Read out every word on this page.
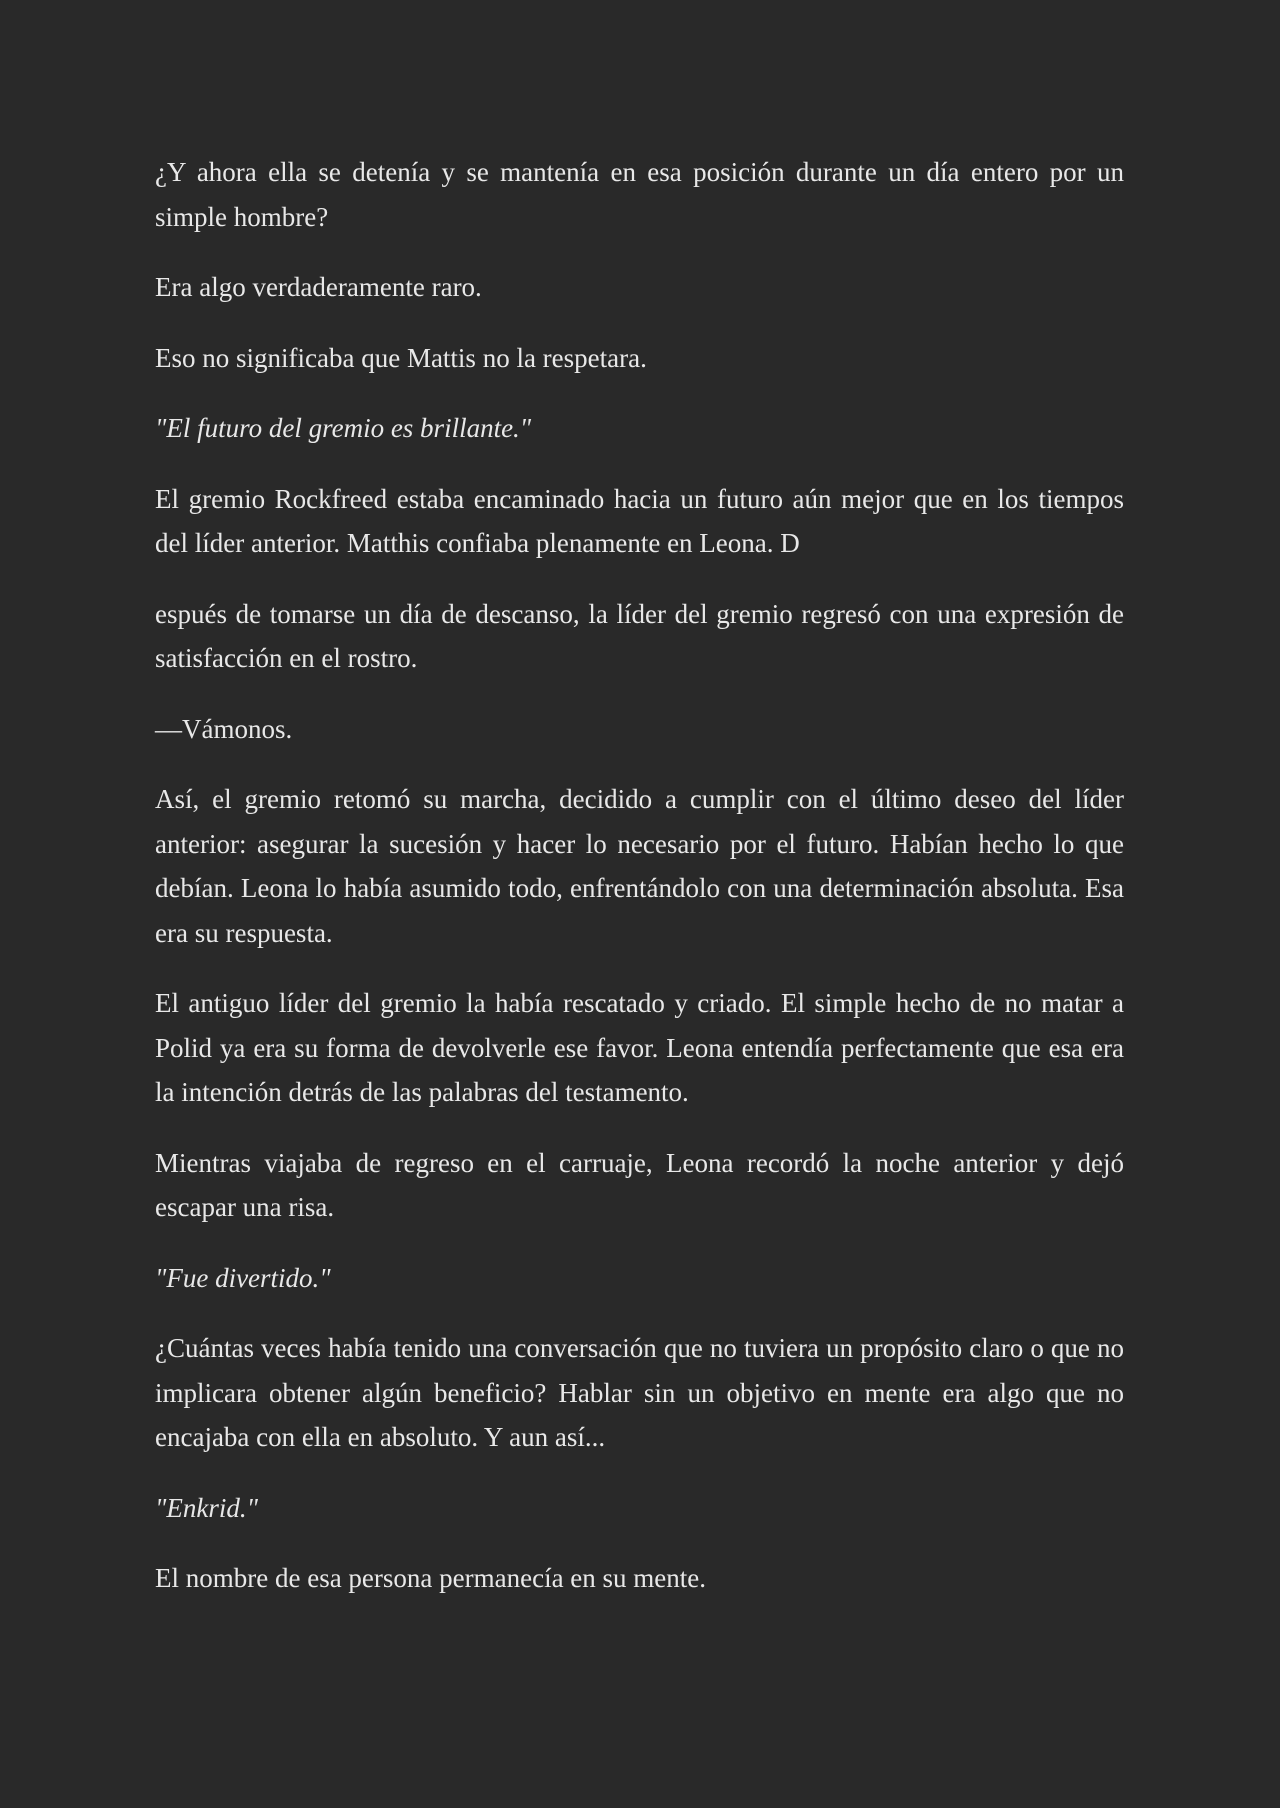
¿Y ahora ella se detenía y se mantenía en esa posición durante un día entero por un simple hombre?

Era algo verdaderamente raro.

Eso no significaba que Mattis no la respetara.

"El futuro del gremio es brillante."

El gremio Rockfreed estaba encaminado hacia un futuro aún mejor que en los tiempos del líder anterior. Matthis confiaba plenamente en Leona. D

espués de tomarse un día de descanso, la líder del gremio regresó con una expresión de satisfacción en el rostro.

—Vámonos.

Así, el gremio retomó su marcha, decidido a cumplir con el último deseo del líder anterior: asegurar la sucesión y hacer lo necesario por el futuro. Habían hecho lo que debían. Leona lo había asumido todo, enfrentándolo con una determinación absoluta. Esa era su respuesta.

El antiguo líder del gremio la había rescatado y criado. El simple hecho de no matar a Polid ya era su forma de devolverle ese favor. Leona entendía perfectamente que esa era la intención detrás de las palabras del testamento.

Mientras viajaba de regreso en el carruaje, Leona recordó la noche anterior y dejó escapar una risa.

"Fue divertido."

¿Cuántas veces había tenido una conversación que no tuviera un propósito claro o que no implicara obtener algún beneficio? Hablar sin un objetivo en mente era algo que no encajaba con ella en absoluto. Y aun así...

"Enkrid."

El nombre de esa persona permanecía en su mente.
